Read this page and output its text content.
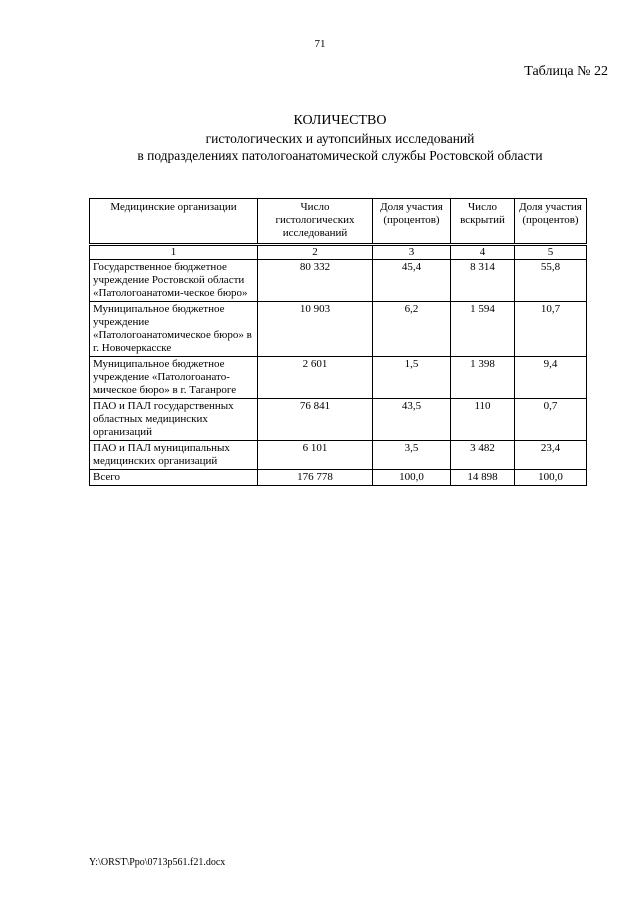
71
Таблица № 22
КОЛИЧЕСТВО
гистологических и аутопсийных исследований
в подразделениях патологоанатомической службы Ростовской области
Медицинские организации	Число гистологических исследований	Доля участия (процентов)	Число вскрытий	Доля участия (процентов)
1	2	3	4	5
Государственное бюджетное учреждение Ростовской области «Патологоанатоми-ческое бюро»	80 332	45,4	8 314	55,8
Муниципальное бюджетное учреждение «Патологоанатомическое бюро» в г. Новочеркасске	10 903	6,2	1 594	10,7
Муниципальное бюджетное учреждение «Патологоанато-мическое бюро» в г. Таганроге	2 601	1,5	1 398	9,4
ПАО и ПАЛ государственных областных медицинских организаций	76 841	43,5	110	0,7
ПАО и ПАЛ муниципальных медицинских организаций	6 101	3,5	3 482	23,4
Всего	176 778	100,0	14 898	100,0
Y:\ORST\Ppo\0713p561.f21.docx
